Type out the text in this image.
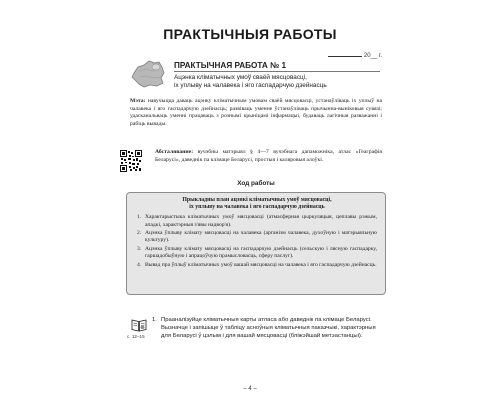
ПРАКТЫЧНЫЯ РАБОТЫ
20__ г.
ПРАКТЫЧНАЯ РАБОТА № 1
Ацэнка кліматычных умоў сваёй мясцовасці,
іх уплыву на чалавека і яго гаспадарчую дзейнасць
Мэта: навучыцца даваць ацэнку кліматычным умовам сваёй мясцовасці, устанаўліваць іх уплыў на чалавека і яго гаспадарчую дзейнасць; развіваць уменне ўстанаўліваць прычынна-выніковыя сувязі; удасканальваць уменні працаваць з рознымі крыніцамі інфармацыі, будаваць лагічныя разважанні і рабіць вывады.
Абсталяванне: вучэбны матэрыял § 4—7 вучэбнага дапаможніка, атлас «Геаграфія Беларусі», даведнік па клімаце Беларусі, простыя і каляровыя алоўкі.
Ход работы
Прыкладны план ацэнкі кліматычных умоў мясцовасці,
іх уплыву на чалавека і яго гаспадарчую дзейнасць
1. Характарыстыка кліматычных умоў мясцовасці (атмасферная цыркуляцыя, цеплавы рэжым, ападкі, характэрныя з'явы надвор'я).
2. Ацэнка ўплыву клімату мясцовасці на чалавека (арганізм чалавека, духоўную і матэрыяльную культуру).
3. Ацэнка ўплыву клімату мясцовасці на гаспадарчую дзейнасць (сельскую і лясную гаспадарку, гаршадобыўную і апрацоўчую прамысловасць, сферу паслуг).
4. Вывад пра ўплыў кліматычных умоў вашай мясцовасці на чалавека і яго гаспадарчую дзейнасць.
с. 12–15
1. Прааналізуйце кліматычныя карты атласа або даведнік па клімаце Беларусі. Вызначце і запішыце ў табліцу асноўныя кліматычныя паказчыкі, характэрныя для Беларусі ў цэлым і для вашай мясцовасці (бліжэйшай метэастанцыі).
– 4 –
